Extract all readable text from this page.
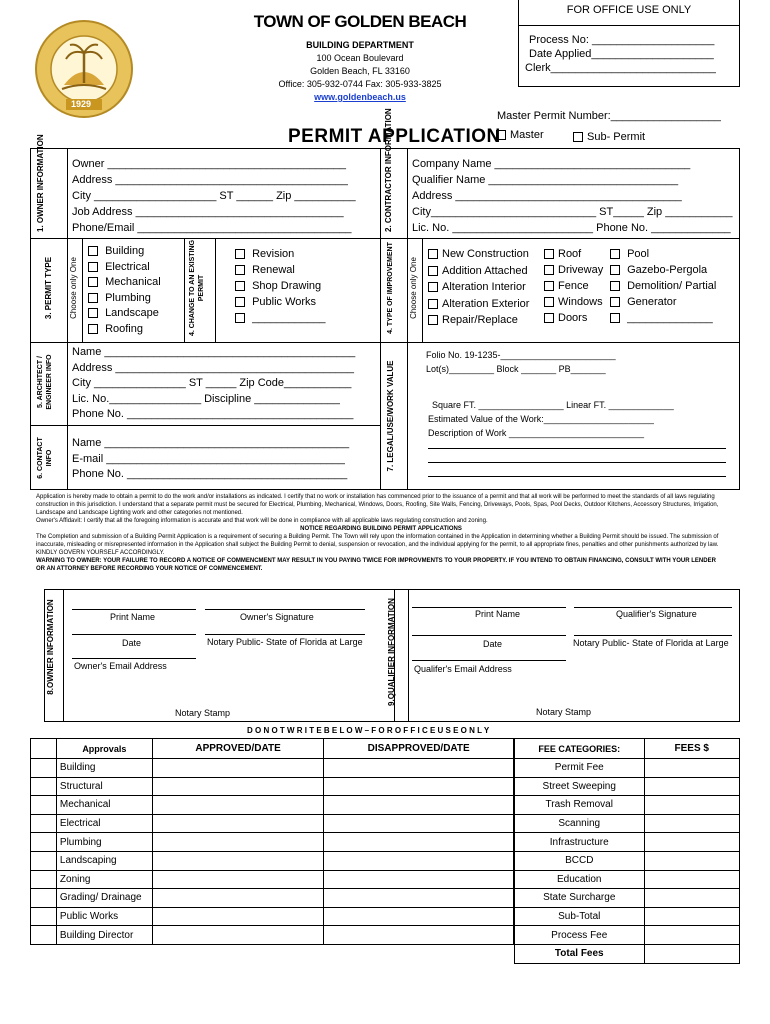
1929
TOWN OF GOLDEN BEACH
BUILDING DEPARTMENT
100 Ocean Boulevard
Golden Beach, FL 33160
Office: 305-932-0744 Fax: 305-933-3825
www.goldenbeach.us
FOR OFFICE USE ONLY
Process No: ____________________
Date Applied____________________
Clerk___________________________
Master Permit Number:__________________
PERMIT APPLICATION Master	Sub- Permit
1. OWNER INFORMATION Owner _______________________________________
Address ______________________________________
City ____________________ ST ______ Zip __________
Job Address __________________________________
Phone/Email ___________________________________	2. CONTRACTOR INFORMATION Company Name ________________________________
Qualifier Name _______________________________
Address _____________________________________
City___________________________ ST_____ Zip ___________
Lic. No. _______________________ Phone No. _____________
3. PERMIT TYPE Choose only One
Building
Electrical
Mechanical
Plumbing
Landscape
Roofing	4. CHANGE TO AN EXISTING PERMIT
Revision
Renewal
Shop Drawing
Public Works
____________	4. TYPE OF IMPROVEMENT Choose only One
New Construction
Addition Attached
Alteration Interior
Alteration Exterior
Repair/Replace
Roof
Driveway
Fence
Windows
Doors
Pool
Gazebo-Pergola
Demolition/ Partial
Generator
______________
5. ARCHITECT / ENGINEER INFO
Name _________________________________________
Address _______________________________________
City _______________ ST _____ Zip Code___________
Lic. No._______________ Discipline ______________
Phone No. _____________________________________
6. CONTACT INFO
Name ________________________________________
E-mail _______________________________________
Phone No. ____________________________________
7. LEGAL/USE/WORK VALUE
Folio No. 19-1235-_______________________
Lot(s)_________ Block _______ PB_______
Square FT. _________________ Linear FT. _____________
Estimated Value of the Work:______________________
Description of Work ___________________________
Application is hereby made to obtain a permit to do the work and/or installations as indicated. I certify that no work or installation has commenced prior to the issuance of a permit and that all work will be performed to meet the standards of all laws regulating construction in this jurisdiction. I understand that a separate permit must be secured for Electrical, Plumbing, Mechanical, Windows, Doors, Roofing, Site Walls, Fencing, Driveways, Pools, Spas, Pool Decks, Outdoor Kitchens, Accessory Structures, Irrigation, Landscape and Landscape Lighting work and other categories not mentioned.
Owner's Affidavit: I certify that all the foregoing information is accurate and that work will be done in compliance with all applicable laws regulating construction and zoning.
NOTICE REGARDING BUILDING PERMIT APPLICATIONS
The Completion and submission of a Building Permit Application is a requirement of securing a Building Permit. The Town will rely upon the information contained in the Application in determining whether a Building Permit should be issued. The submission of inaccurate, misleading or misrepresented information in the Application shall subject the Building Permit to denial, suspension or revocation, and the individual applying for the permit, to all appropriate fines, penalties and other punishments authorized by law. KINDLY GOVERN YOURSELF ACCORDINGLY.
WARNING TO OWNER: YOUR FAILURE TO RECORD A NOTICE OF COMMENCMENT MAY RESULT IN YOU PAYING TWICE FOR IMPROVMENTS TO YOUR PROPERTY. IF YOU INTEND TO OBTAIN FINANCING, CONSULT WITH YOUR LENDER OR AN ATTORNEY BEFORE RECORDING YOUR NOTICE OF COMMENCEMENT.
8.OWNER INFORMATION	Print Name	Owner's Signature
Date	Notary Public- State of Florida at Large
Owner's Email Address
Notary Stamp
9.QUALIFIER INFORMATION	Print Name	Qualifier's Signature
Date	Notary Public- State of Florida at Large
Qualifer's Email Address
Notary Stamp
D O N O T W R I T E B E L O W – F O R O F F I C E U S E O N L Y
	Approvals	APPROVED/DATE	DISAPPROVED/DATE
	Building		
	Structural		
	Mechanical		
	Electrical		
	Plumbing		
	Landscaping		
	Zoning		
	Grading/ Drainage		
	Public Works		
	Building Director		
FEE CATEGORIES:	FEES $
Permit Fee	
Street Sweeping	
Trash Removal	
Scanning	
Infrastructure	
BCCD	
Education	
State Surcharge	
Sub-Total	
Process Fee	
Total Fees	
